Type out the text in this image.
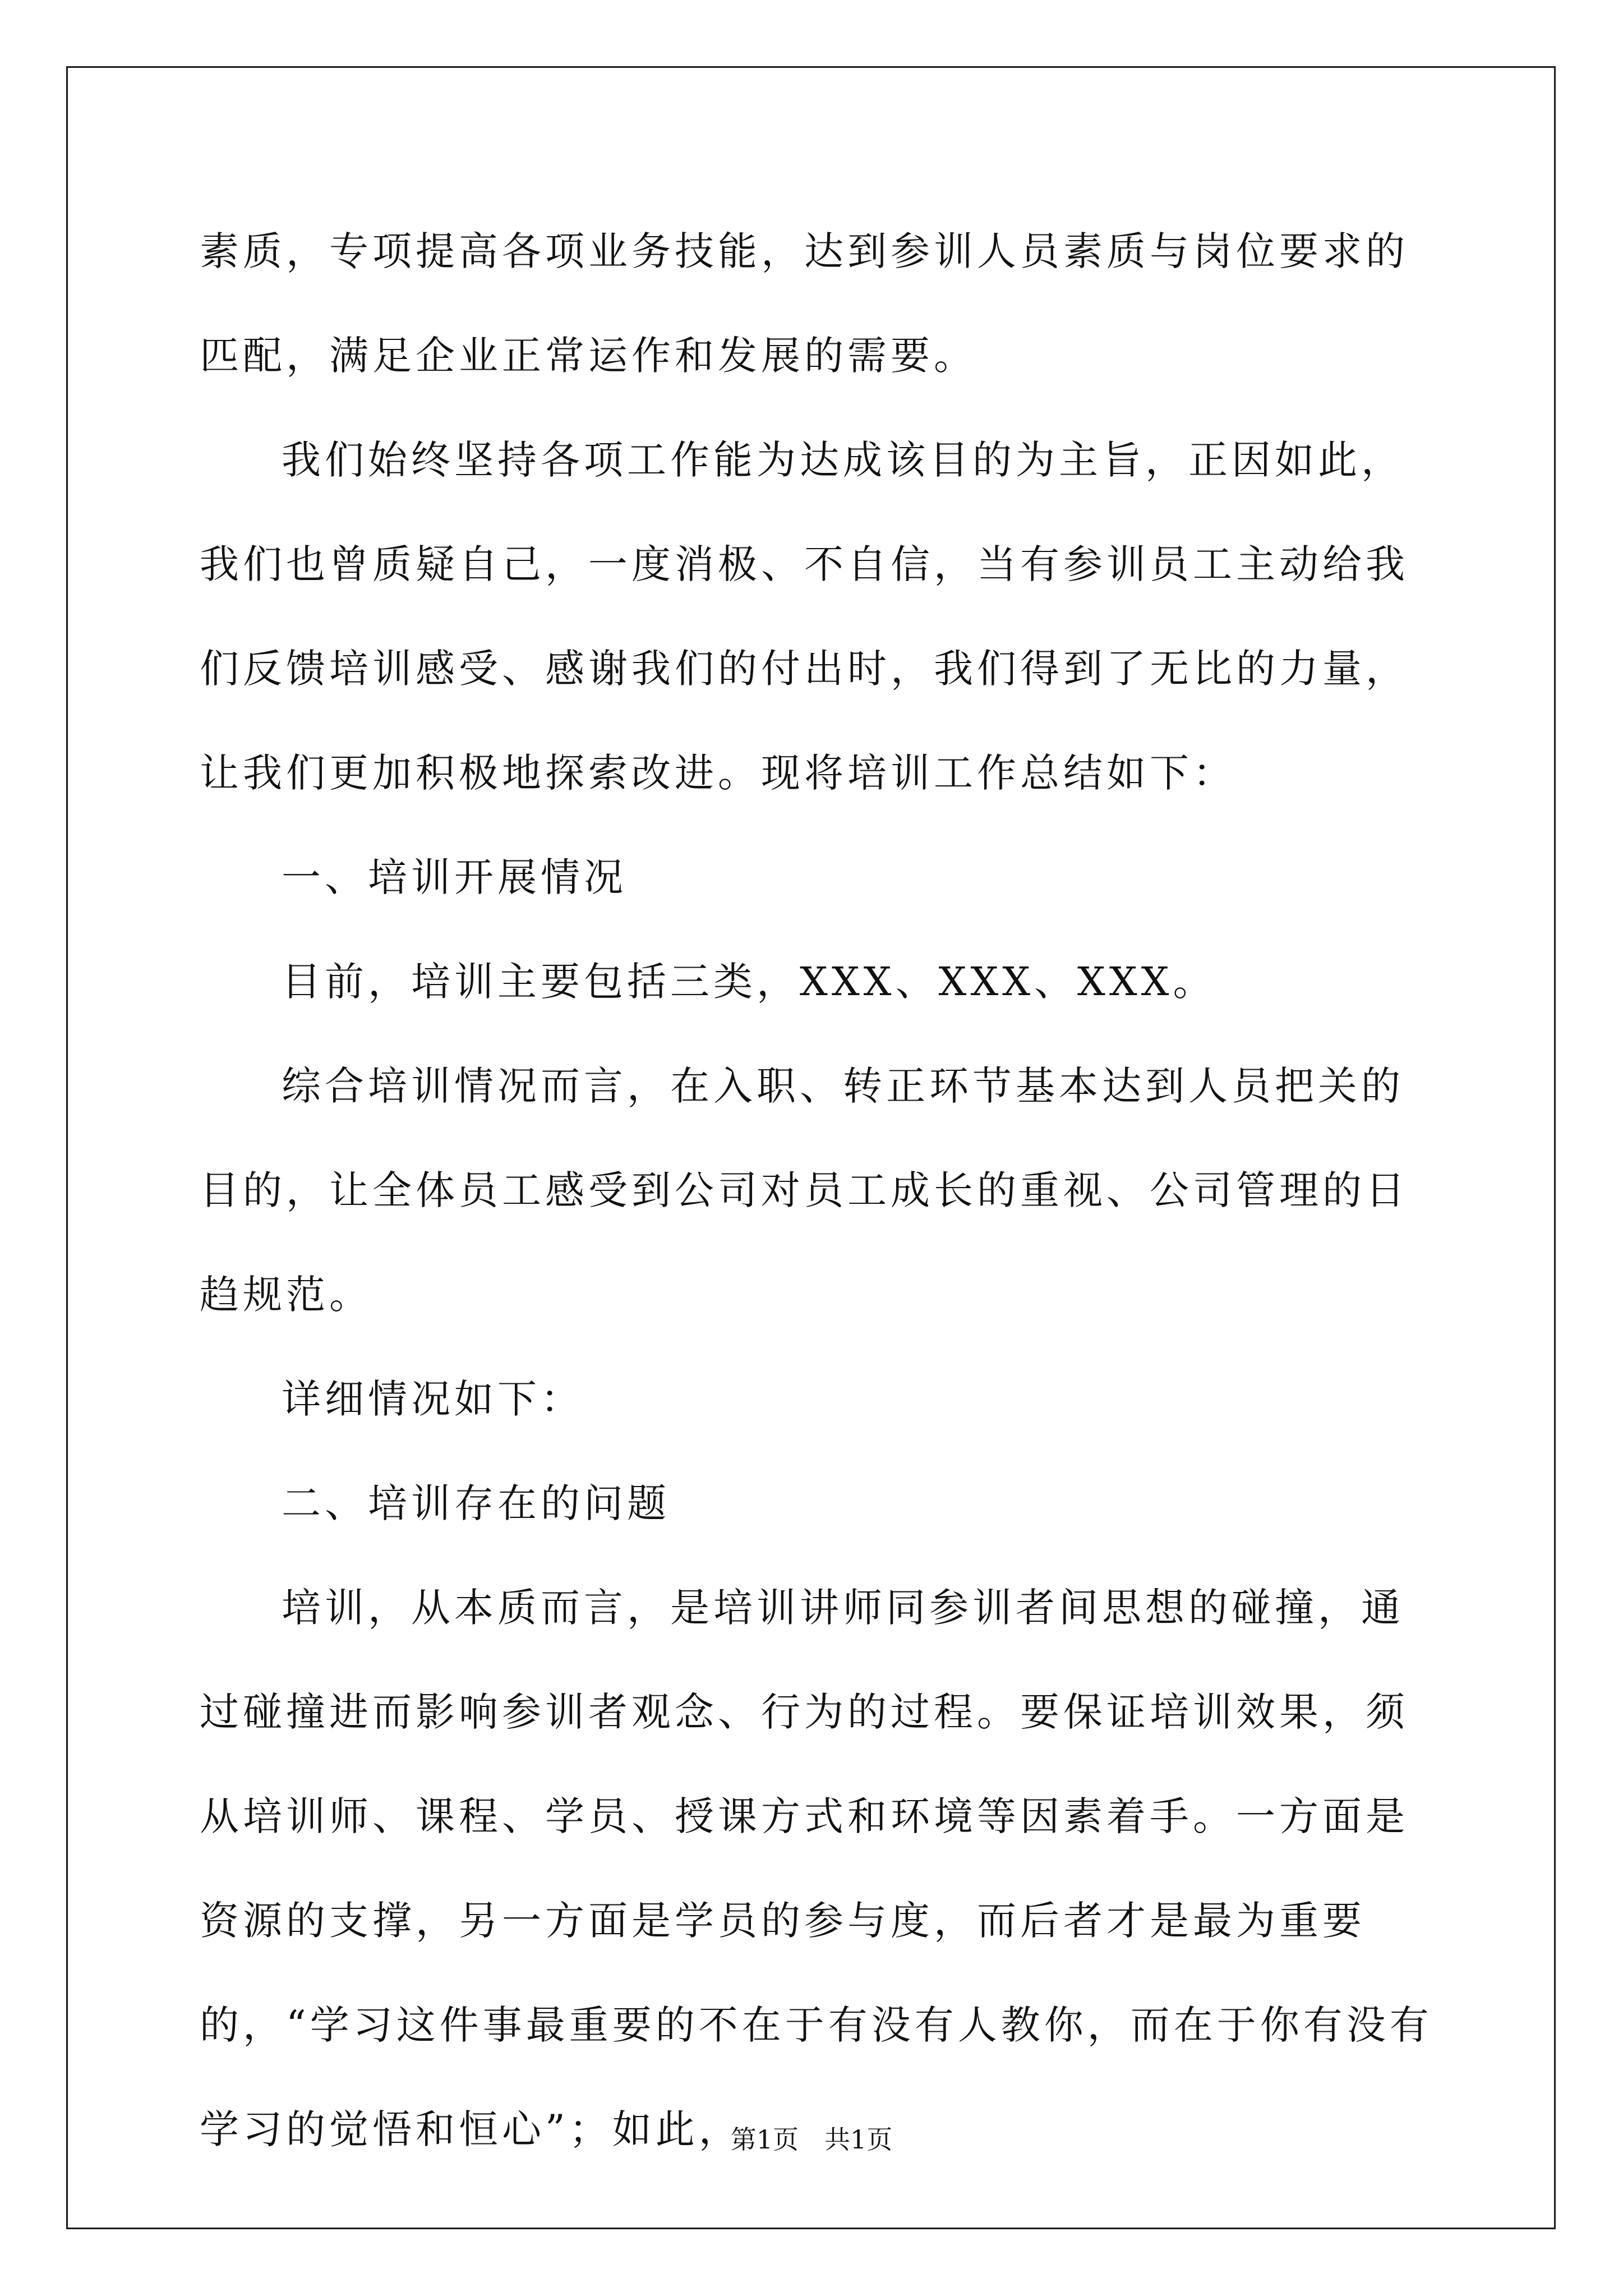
素质，专项提高各项业务技能，达到参训人员素质与岗位要求的匹配，满足企业正常运作和发展的需要。

我们始终坚持各项工作能为达成该目的为主旨，正因如此，我们也曾质疑自己，一度消极、不自信，当有参训员工主动给我们反馈培训感受、感谢我们的付出时，我们得到了无比的力量，让我们更加积极地探索改进。现将培训工作总结如下：

一、培训开展情况

目前，培训主要包括三类，XXX、XXX、XXX。

综合培训情况而言，在入职、转正环节基本达到人员把关的目的，让全体员工感受到公司对员工成长的重视、公司管理的日趋规范。

详细情况如下：

二、培训存在的问题

培训，从本质而言，是培训讲师同参训者间思想的碰撞，通过碰撞进而影响参训者观念、行为的过程。要保证培训效果，须从培训师、课程、学员、授课方式和环境等因素着手。一方面是资源的支撑，另一方面是学员的参与度，而后者才是最为重要的，“学习这件事最重要的不在于有没有人教你，而在于你有没有学习的觉悟和恒心”；如此，

第1页　共1页
